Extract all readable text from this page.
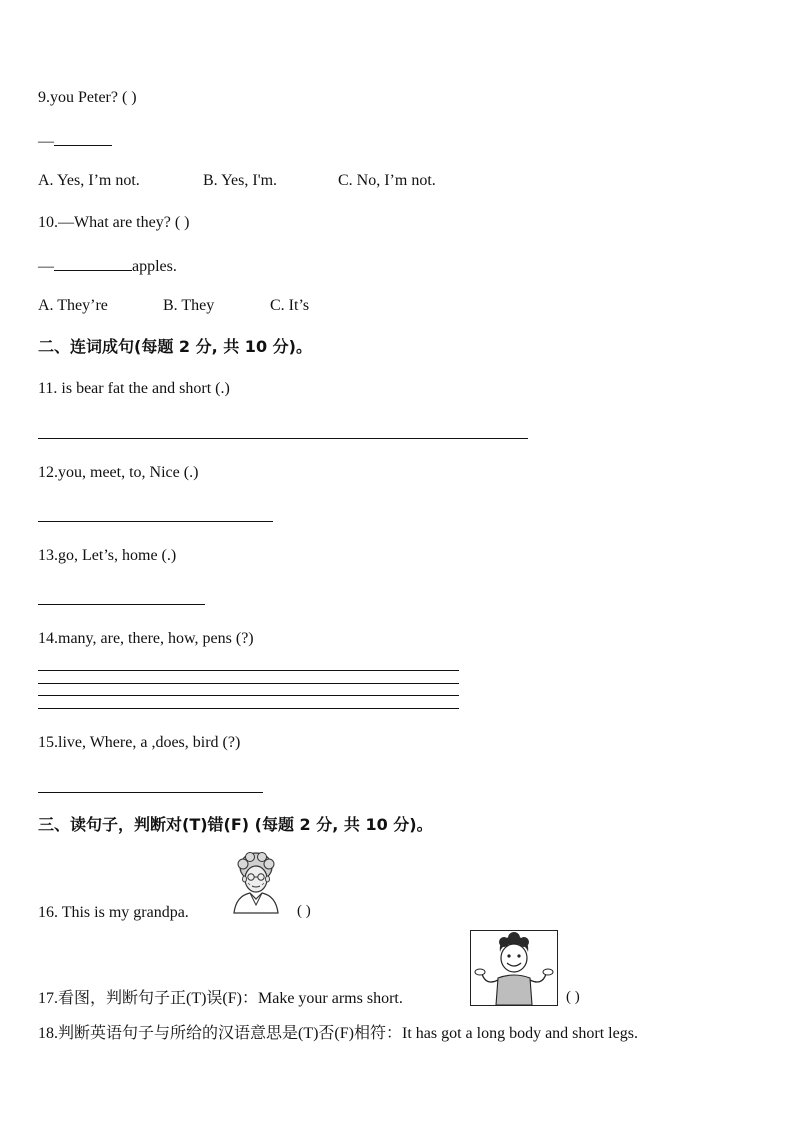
9.you Peter? ( )
—
A. Yes, I’m not.	B. Yes, I'm.	C. No, I’m not.
10.—What are they? ( )
—	apples.
A. They’re	B. They	C. It’s
二、连词成句(每题 2 分, 共 10 分)。
11. is bear fat the and short (.)
12.you, meet, to, Nice (.)
13.go, Let’s, home (.)
14.many, are, there, how, pens (?)
15.live, Where, a ,does, bird (?)
三、读句子，判断对(T)错(F) (每题 2 分, 共 10 分)。
16. This is my grandpa.	( )
17.看图，判断句子正(T)误(F)：Make your arms short.	( )
18.判断英语句子与所给的汉语意思是(T)否(F)相符：It has got a long body and short legs.
